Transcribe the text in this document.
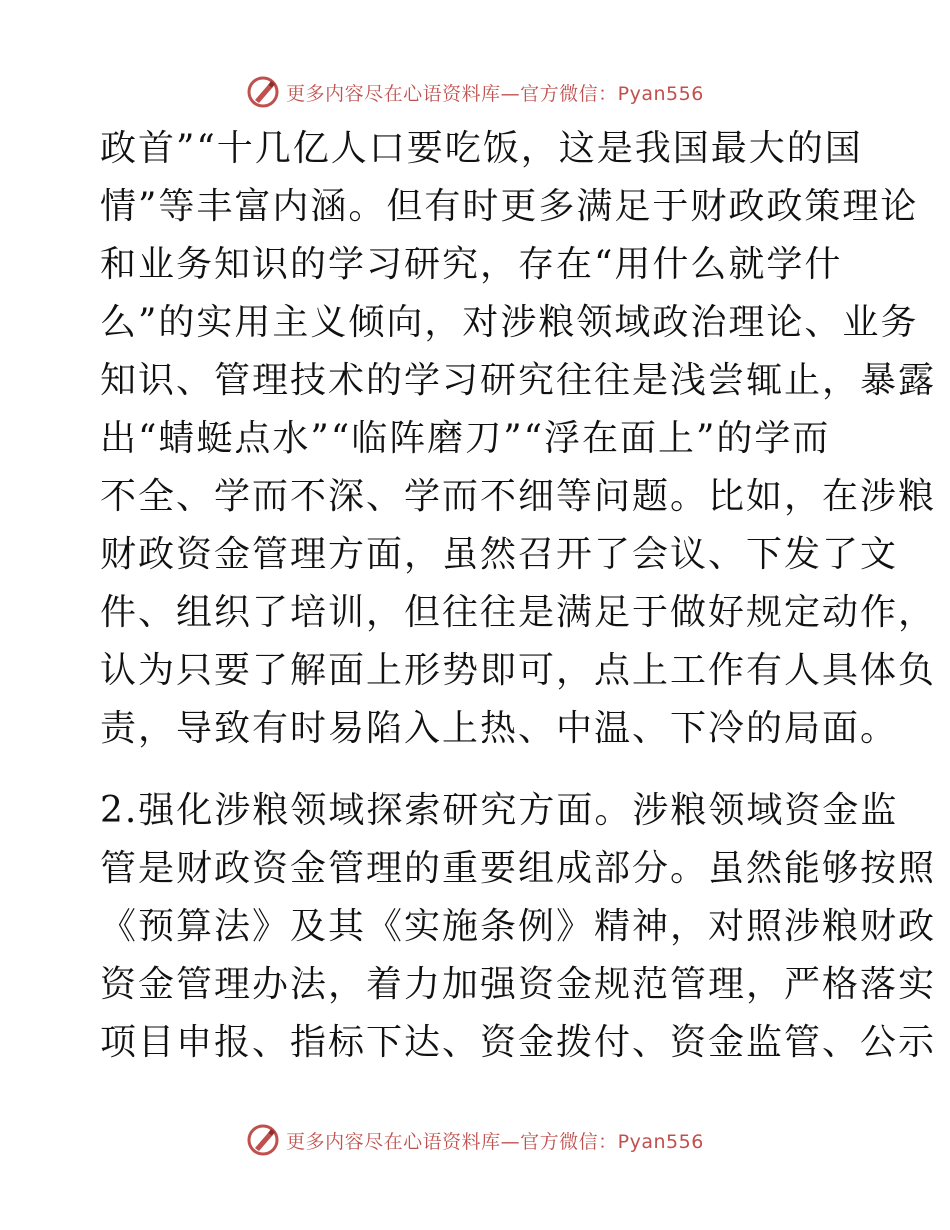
更多内容尽在心语资料库—官方微信：Pyan556
政首”“十几亿人口要吃饭，这是我国最大的国
情”等丰富内涵。但有时更多满足于财政政策理论
和业务知识的学习研究，存在“用什么就学什
么”的实用主义倾向，对涉粮领域政治理论、业务
知识、管理技术的学习研究往往是浅尝辄止，暴露
出“蜻蜓点水”“临阵磨刀”“浮在面上”的学而
不全、学而不深、学而不细等问题。比如，在涉粮
财政资金管理方面，虽然召开了会议、下发了文
件、组织了培训，但往往是满足于做好规定动作，
认为只要了解面上形势即可，点上工作有人具体负
责，导致有时易陷入上热、中温、下冷的局面。
2.强化涉粮领域探索研究方面。涉粮领域资金监
管是财政资金管理的重要组成部分。虽然能够按照
《预算法》及其《实施条例》精神，对照涉粮财政
资金管理办法，着力加强资金规范管理，严格落实
项目申报、指标下达、资金拨付、资金监管、公示
更多内容尽在心语资料库—官方微信：Pyan556
